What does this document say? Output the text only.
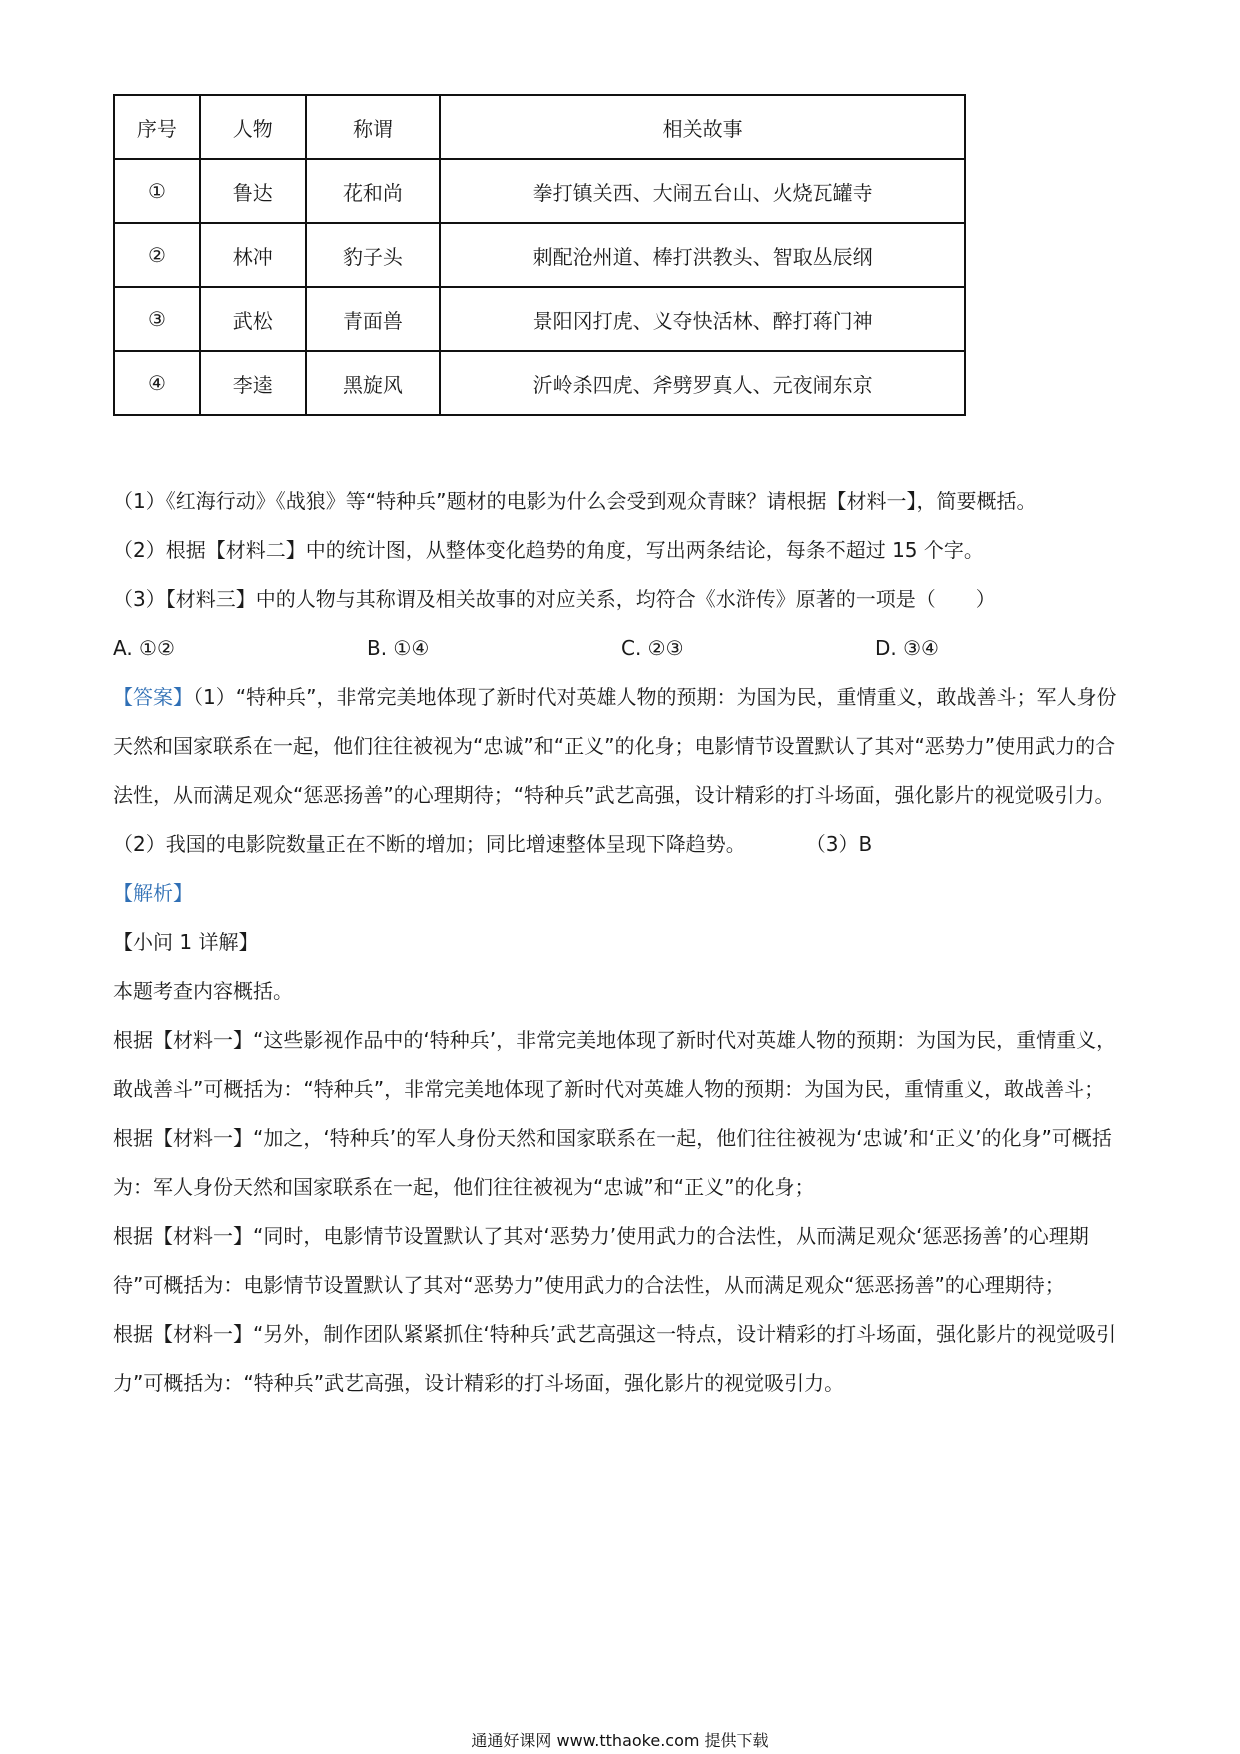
序号	人物	称谓	相关故事
①	鲁达	花和尚	拳打镇关西、大闹五台山、火烧瓦罐寺
②	林冲	豹子头	刺配沧州道、棒打洪教头、智取丛辰纲
③	武松	青面兽	景阳冈打虎、义夺快活林、醉打蒋门神
④	李逵	黑旋风	沂岭杀四虎、斧劈罗真人、元夜闹东京

（1）《红海行动》《战狼》等“特种兵”题材的电影为什么会受到观众青睐？请根据【材料一】，简要概括。

（2）根据【材料二】中的统计图，从整体变化趋势的角度，写出两条结论，每条不超过 15 个字。

（3）【材料三】中的人物与其称谓及相关故事的对应关系，均符合《水浒传》原著的一项是（　　）

A. ①②	B. ①④	C. ②③	D. ③④

【答案】（1）“特种兵”，非常完美地体现了新时代对英雄人物的预期：为国为民，重情重义，敢战善斗；军人身份天然和国家联系在一起，他们往往被视为“忠诚”和“正义”的化身；电影情节设置默认了其对“恶势力”使用武力的合法性，从而满足观众“惩恶扬善”的心理期待；“特种兵”武艺高强，设计精彩的打斗场面，强化影片的视觉吸引力。

（2）我国的电影院数量正在不断的增加；同比增速整体呈现下降趋势。	（3）B

【解析】

【小问 1 详解】

本题考查内容概括。

根据【材料一】“这些影视作品中的‘特种兵’，非常完美地体现了新时代对英雄人物的预期：为国为民，重情重义，敢战善斗”可概括为：“特种兵”，非常完美地体现了新时代对英雄人物的预期：为国为民，重情重义，敢战善斗；

根据【材料一】“加之，‘特种兵’的军人身份天然和国家联系在一起，他们往往被视为‘忠诚’和‘正义’的化身”可概括为：军人身份天然和国家联系在一起，他们往往被视为“忠诚”和“正义”的化身；

根据【材料一】“同时，电影情节设置默认了其对‘恶势力’使用武力的合法性，从而满足观众‘惩恶扬善’的心理期待”可概括为：电影情节设置默认了其对“恶势力”使用武力的合法性，从而满足观众“惩恶扬善”的心理期待；

根据【材料一】“另外，制作团队紧紧抓住‘特种兵’武艺高强这一特点，设计精彩的打斗场面，强化影片的视觉吸引力”可概括为：“特种兵”武艺高强，设计精彩的打斗场面，强化影片的视觉吸引力。

通通好课网 www.tthaoke.com 提供下载
